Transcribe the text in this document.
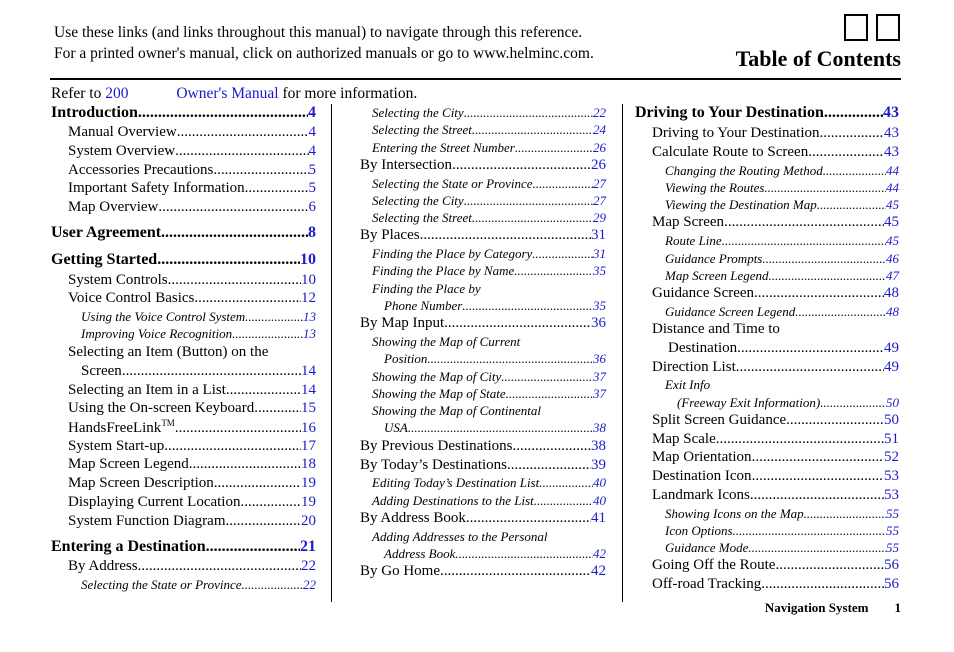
Use these links (and links throughout this manual) to navigate through this reference.
For a printed owner's manual, click on authorized manuals or go to www.helminc.com.	Table of Contents
Refer to 200	Owner's Manual for more information.
Introduction .....	4
Manual Overview .....	4
System Overview .....	4
Accessories Precautions .....	5
Important Safety Information .....	5
Map Overview .....	6
User Agreement .....	8
Getting Started .....	10
System Controls .....	10
Voice Control Basics .....	12
Using the Voice Control System .....	13
Improving Voice Recognition .....	13
Selecting an Item (Button) on the
Screen .....	14
Selecting an Item in a List .....	14
Using the On-screen Keyboard .....	15
HandsFreeLink™ .....	16
System Start-up .....	17
Map Screen Legend .....	18
Map Screen Description .....	19
Displaying Current Location .....	19
System Function Diagram .....	20
Entering a Destination .....	21
By Address .....	22
Selecting the State or Province .....	22
Selecting the City .....	22
Selecting the Street .....	24
Entering the Street Number .....	26
By Intersection .....	26
Selecting the State or Province .....	27
Selecting the City .....	27
Selecting the Street .....	29
By Places .....	31
Finding the Place by Category .....	31
Finding the Place by Name .....	35
Finding the Place by
Phone Number .....	35
By Map Input .....	36
Showing the Map of Current
Position .....	36
Showing the Map of City .....	37
Showing the Map of State .....	37
Showing the Map of Continental
USA .....	38
By Previous Destinations .....	38
By Today’s Destinations .....	39
Editing Today’s Destination List .....	40
Adding Destinations to the List .....	40
By Address Book .....	41
Adding Addresses to the Personal
Address Book .....	42
By Go Home .....	42
Driving to Your Destination .....	43
Driving to Your Destination .....	43
Calculate Route to Screen .....	43
Changing the Routing Method .....	44
Viewing the Routes .....	44
Viewing the Destination Map .....	45
Map Screen .....	45
Route Line .....	45
Guidance Prompts .....	46
Map Screen Legend .....	47
Guidance Screen .....	48
Guidance Screen Legend .....	48
Distance and Time to
Destination .....	49
Direction List .....	49
Exit Info
(Freeway Exit Information) .....	50
Split Screen Guidance .....	50
Map Scale .....	51
Map Orientation .....	52
Destination Icon .....	53
Landmark Icons .....	53
Showing Icons on the Map .....	55
Icon Options .....	55
Guidance Mode .....	55
Going Off the Route .....	56
Off-road Tracking .....	56
Navigation System 1
